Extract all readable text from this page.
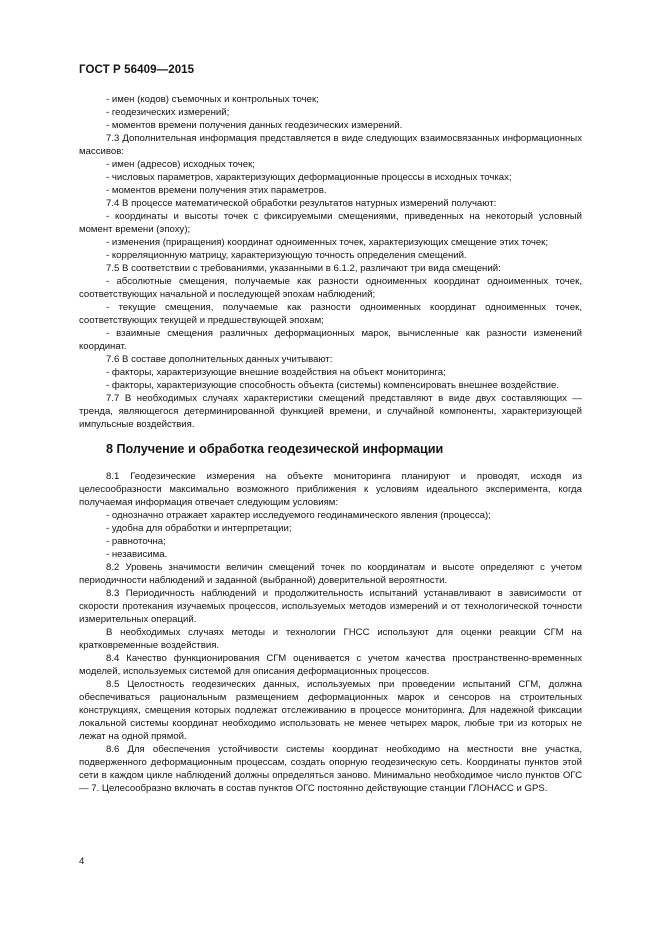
ГОСТ Р 56409—2015

- имен (кодов) съемочных и контрольных точек;

- геодезических измерений;

- моментов времени получения данных геодезических измерений.

7.3 Дополнительная информация представляется в виде следующих взаимосвязанных информационных массивов:

- имен (адресов) исходных точек;

- числовых параметров, характеризующих деформационные процессы в исходных точках;

- моментов времени получения этих параметров.

7.4 В процессе математической обработки результатов натурных измерений получают:

- координаты и высоты точек с фиксируемыми смещениями, приведенных на некоторый условный момент времени (эпоху);

- изменения (приращения) координат одноименных точек, характеризующих смещение этих точек;

- корреляционную матрицу, характеризующую точность определения смещений.

7.5 В соответствии с требованиями, указанными в 6.1.2, различают три вида смещений:

- абсолютные смещения, получаемые как разности одноименных координат одноименных точек, соответствующих начальной и последующей эпохам наблюдений;

- текущие смещения, получаемые как разности одноименных координат одноименных точек, соответствующих текущей и предшествующей эпохам;

- взаимные смещения различных деформационных марок, вычисленные как разности изменений координат.

7.6 В составе дополнительных данных учитывают:

- факторы, характеризующие внешние воздействия на объект мониторинга;

- факторы, характеризующие способность объекта (системы) компенсировать внешнее воздействие.

7.7 В необходимых случаях характеристики смещений представляют в виде двух составляющих — тренда, являющегося детерминированной функцией времени, и случайной компоненты, характеризующей импульсные воздействия.

8 Получение и обработка геодезической информации

8.1 Геодезические измерения на объекте мониторинга планируют и проводят, исходя из целесообразности максимально возможного приближения к условиям идеального эксперимента, когда получаемая информация отвечает следующим условиям:

- однозначно отражает характер исследуемого геодинамического явления (процесса);

- удобна для обработки и интерпретации;

- равноточна;

- независима.

8.2 Уровень значимости величин смещений точек по координатам и высоте определяют с учетом периодичности наблюдений и заданной (выбранной) доверительной вероятности.

8.3 Периодичность наблюдений и продолжительность испытаний устанавливают в зависимости от скорости протекания изучаемых процессов, используемых методов измерений и от технологической точности измерительных операций.

В необходимых случаях методы и технологии ГНСС используют для оценки реакции СГМ на кратковременные воздействия.

8.4 Качество функционирования СГМ оценивается с учетом качества пространственно-временных моделей, используемых системой для описания деформационных процессов.

8.5 Целостность геодезических данных, используемых при проведении испытаний СГМ, должна обеспечиваться рациональным размещением деформационных марок и сенсоров на строительных конструкциях, смещения которых подлежат отслеживанию в процессе мониторинга. Для надежной фиксации локальной системы координат необходимо использовать не менее четырех марок, любые три из которых не лежат на одной прямой.

8.6 Для обеспечения устойчивости системы координат необходимо на местности вне участка, подверженного деформационным процессам, создать опорную геодезическую сеть. Координаты пунктов этой сети в каждом цикле наблюдений должны определяться заново. Минимально необходимое число пунктов ОГС — 7. Целесообразно включать в состав пунктов ОГС постоянно действующие станции ГЛОНАСС и GPS.

4
